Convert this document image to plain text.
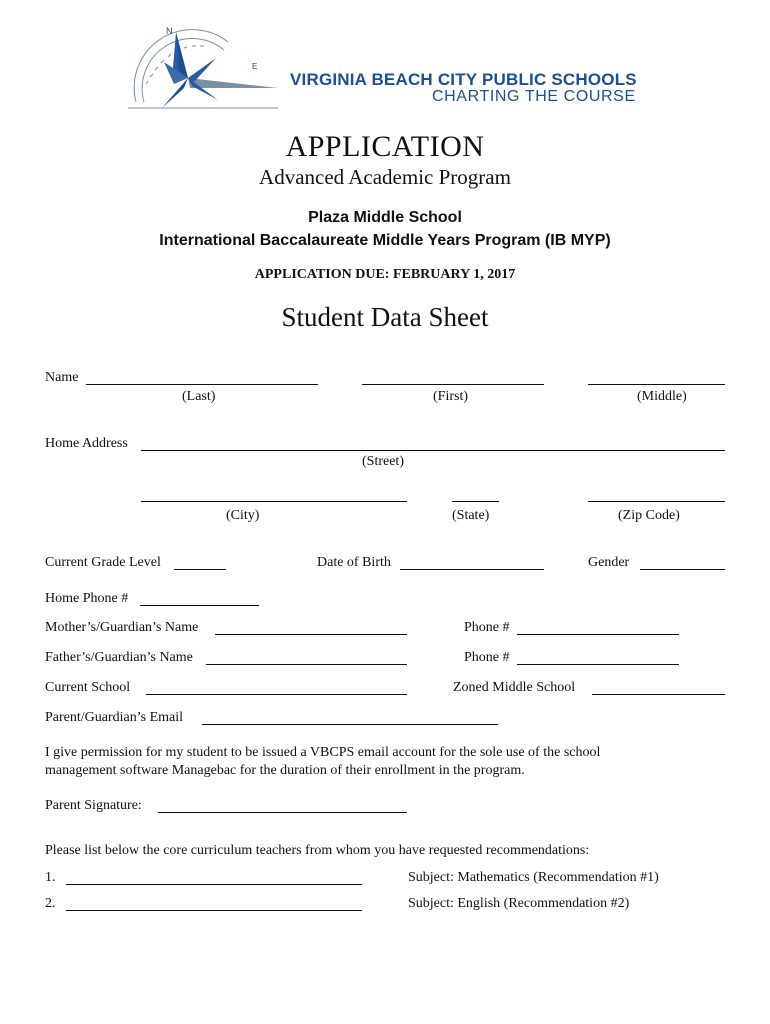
N
E
VIRGINIA BEACH CITY PUBLIC SCHOOLS
CHARTING THE COURSE
APPLICATION
Advanced Academic Program
Plaza Middle School
International Baccalaureate Middle Years Program (IB MYP)
APPLICATION DUE: FEBRUARY 1, 2017
Student Data Sheet
Name
(Last)	(First)	(Middle)
Home Address
(Street)
(City)	(State)	(Zip Code)
Current Grade Level	Date of Birth	Gender
Home Phone #
Mother’s/Guardian’s Name	Phone #
Father’s/Guardian’s Name	Phone #
Current School	Zoned Middle School
Parent/Guardian’s Email
I give permission for my student to be issued a VBCPS email account for the sole use of the school
management software Managebac for the duration of their enrollment in the program.
Parent Signature:
Please list below the core curriculum teachers from whom you have requested recommendations:
1.	Subject: Mathematics (Recommendation #1)
2.	Subject: English (Recommendation #2)
